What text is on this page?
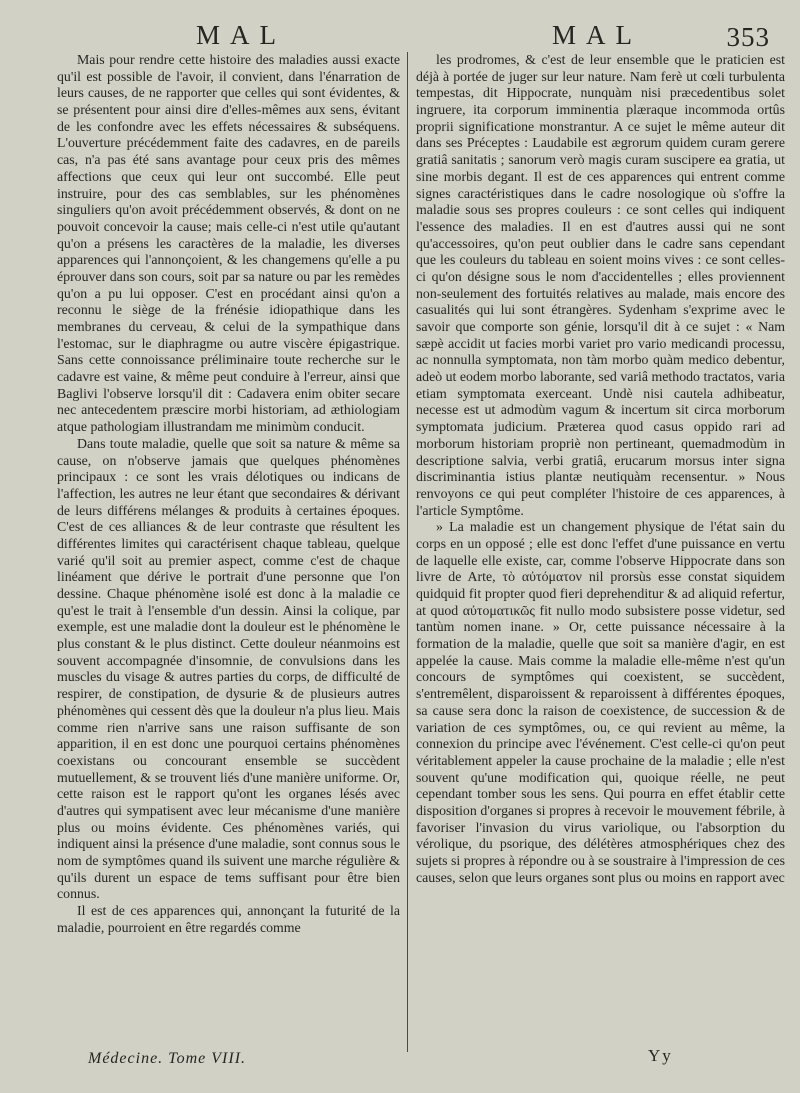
MAL	MAL	353

Mais pour rendre cette histoire des maladies aussi exacte qu'il est possible de l'avoir, il convient, dans l'énarration de leurs causes, de ne rapporter que celles qui sont évidentes, & se présentent pour ainsi dire d'elles-mêmes aux sens, évitant de les confondre avec les effets nécessaires & subséquens. L'ouverture précédemment faite des cadavres, en de pareils cas, n'a pas été sans avantage pour ceux pris des mêmes affections que ceux qui leur ont succombé. Elle peut instruire, pour des cas semblables, sur les phénomènes singuliers qu'on avoit précédemment observés, & dont on ne pouvoit concevoir la cause; mais celle-ci n'est utile qu'autant qu'on a présens les caractères de la maladie, les diverses apparences qui l'annonçoient, & les changemens qu'elle a pu éprouver dans son cours, soit par sa nature ou par les remèdes qu'on a pu lui opposer. C'est en procédant ainsi qu'on a reconnu le siège de la frénésie idiopathique dans les membranes du cerveau, & celui de la sympathique dans l'estomac, sur le diaphragme ou autre viscère épigastrique. Sans cette connoissance préliminaire toute recherche sur le cadavre est vaine, & même peut conduire à l'erreur, ainsi que Baglivi l'observe lorsqu'il dit : Cadavera enim obiter secare nec antecedentem præscire morbi historiam, ad æthiologiam atque pathologiam illustrandam me minimùm conducit.

Dans toute maladie, quelle que soit sa nature & même sa cause, on n'observe jamais que quelques phénomènes principaux : ce sont les vrais délotiques ou indicans de l'affection, les autres ne leur étant que secondaires & dérivant de leurs différens mélanges & produits à certaines époques. C'est de ces alliances & de leur contraste que résultent les différentes limites qui caractérisent chaque tableau, quelque varié qu'il soit au premier aspect, comme c'est de chaque linéament que dérive le portrait d'une personne que l'on dessine. Chaque phénomène isolé est donc à la maladie ce qu'est le trait à l'ensemble d'un dessin. Ainsi la colique, par exemple, est une maladie dont la douleur est le phénomène le plus constant & le plus distinct. Cette douleur néanmoins est souvent accompagnée d'insomnie, de convulsions dans les muscles du visage & autres parties du corps, de difficulté de respirer, de constipation, de dysurie & de plusieurs autres phénomènes qui cessent dès que la douleur n'a plus lieu. Mais comme rien n'arrive sans une raison suffisante de son apparition, il en est donc une pourquoi certains phénomènes coexistans ou concourant ensemble se succèdent mutuellement, & se trouvent liés d'une manière uniforme. Or, cette raison est le rapport qu'ont les organes lésés avec d'autres qui sympatisent avec leur mécanisme d'une manière plus ou moins évidente. Ces phénomènes variés, qui indiquent ainsi la présence d'une maladie, sont connus sous le nom de symptômes quand ils suivent une marche régulière & qu'ils durent un espace de tems suffisant pour être bien connus.

Il est de ces apparences qui, annonçant la futurité de la maladie, pourroient en être regardés comme

les prodromes, & c'est de leur ensemble que le praticien est déjà à portée de juger sur leur nature. Nam ferè ut cœli turbulenta tempestas, dit Hippocrate, nunquàm nisi præcedentibus solet ingruere, ita corporum imminentia plæraque incommoda ortûs proprii significatione monstrantur. A ce sujet le même auteur dit dans ses Préceptes : Laudabile est ægrorum quidem curam gerere gratiâ sanitatis ; sanorum verò magis curam suscipere ea gratia, ut sine morbis degant. Il est de ces apparences qui entrent comme signes caractéristiques dans le cadre nosologique où s'offre la maladie sous ses propres couleurs : ce sont celles qui indiquent l'essence des maladies. Il en est d'autres aussi qui ne sont qu'accessoires, qu'on peut oublier dans le cadre sans cependant que les couleurs du tableau en soient moins vives : ce sont celles-ci qu'on désigne sous le nom d'accidentelles ; elles proviennent non-seulement des fortuités relatives au malade, mais encore des casualités qui lui sont étrangères. Sydenham s'exprime avec le savoir que comporte son génie, lorsqu'il dit à ce sujet : « Nam sæpè accidit ut facies morbi variet pro vario medicandi processu, ac nonnulla symptomata, non tàm morbo quàm medico debentur, adeò ut eodem morbo laborante, sed variâ methodo tractatos, varia etiam symptomata exerceant. Undè nisi cautela adhibeatur, necesse est ut admodùm vagum & incertum sit circa morborum symptomata judicium. Præterea quod casus oppido rari ad morborum historiam propriè non pertineant, quemadmodùm in descriptione salvia, verbi gratiâ, erucarum morsus inter signa discriminantia istius plantæ neutiquàm recensentur. » Nous renvoyons ce qui peut compléter l'histoire de ces apparences, à l'article Symptôme.

» La maladie est un changement physique de l'état sain du corps en un opposé ; elle est donc l'effet d'une puissance en vertu de laquelle elle existe, car, comme l'observe Hippocrate dans son livre de Arte, τὸ αὐτόματον nil prorsùs esse constat siquidem quidquid fit propter quod fieri deprehenditur & ad aliquid refertur, at quod αὐτοματικῶς fit nullo modo subsistere posse videtur, sed tantùm nomen inane. » Or, cette puissance nécessaire à la formation de la maladie, quelle que soit sa manière d'agir, en est appelée la cause. Mais comme la maladie elle-même n'est qu'un concours de symptômes qui coexistent, se succèdent, s'entremêlent, disparoissent & reparoissent à différentes époques, sa cause sera donc la raison de coexistence, de succession & de variation de ces symptômes, ou, ce qui revient au même, la connexion du principe avec l'événement. C'est celle-ci qu'on peut véritablement appeler la cause prochaine de la maladie ; elle n'est souvent qu'une modification qui, quoique réelle, ne peut cependant tomber sous les sens. Qui pourra en effet établir cette disposition d'organes si propres à recevoir le mouvement fébrile, à favoriser l'invasion du virus variolique, ou l'absorption du vérolique, du psorique, des délétères atmosphériques chez des sujets si propres à répondre ou à se soustraire à l'impression de ces causes, selon que leurs organes sont plus ou moins en rapport avec

Médecine. Tome VIII.	Yy
